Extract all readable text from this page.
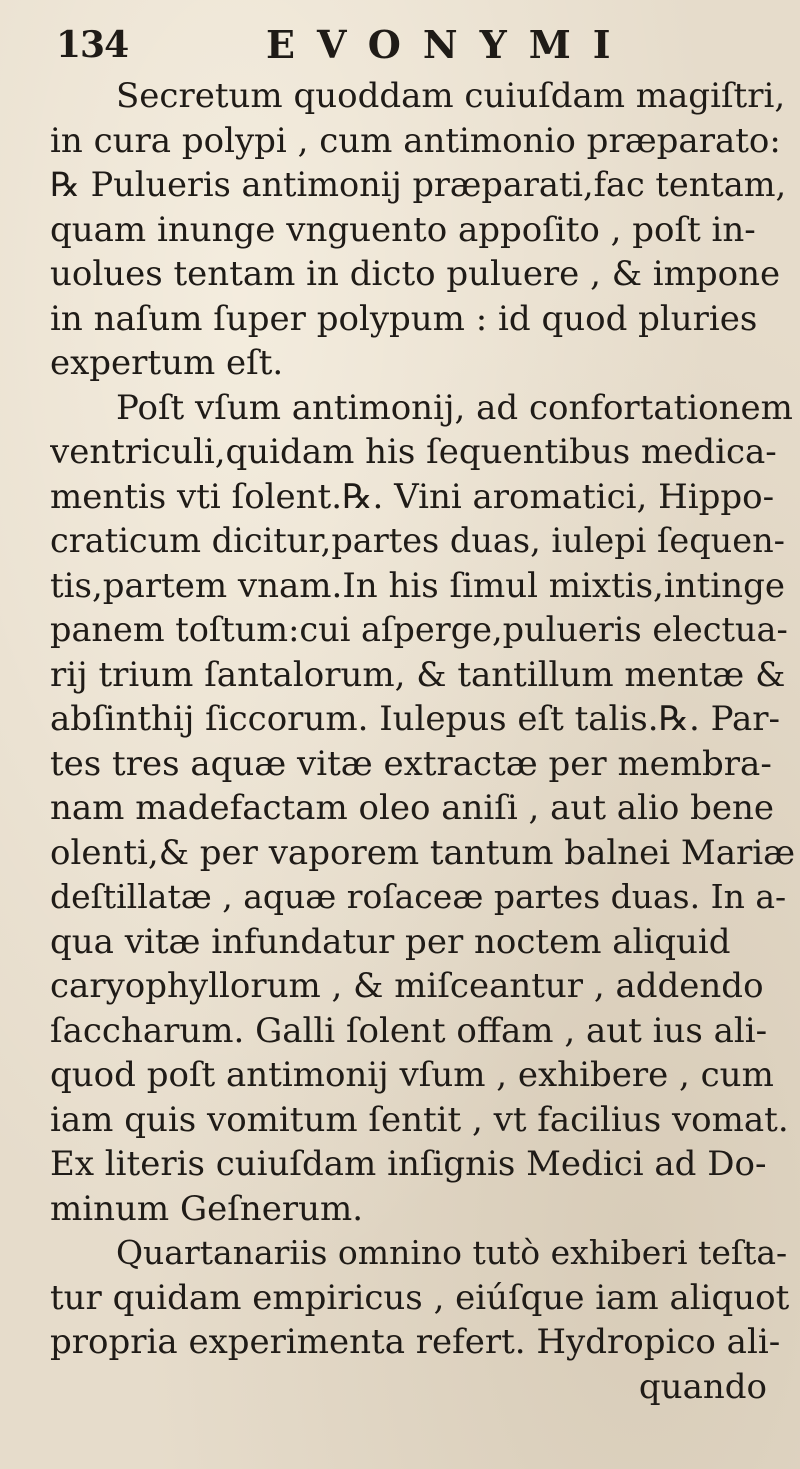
134	EVONYMI
Secretum quoddam cuiuſdam magiſtri,
in cura polypi , cum antimonio præparato:
℞ Pulueris antimonij præparati,fac tentam,
quam inunge vnguento appoſito , poſt in-
uolues tentam in dicto puluere , & impone
in naſum ſuper polypum : id quod pluries
expertum eſt.
Poſt vſum antimonij, ad confortationem
ventriculi,quidam his ſequentibus medica-
mentis vti ſolent.℞. Vini aromatici, Hippo-
craticum dicitur,partes duas, iulepi ſequen-
tis,partem vnam.In his ſimul mixtis,intinge
panem toſtum:cui aſperge,pulueris electua-
rij trium ſantalorum, & tantillum mentæ &
abſinthij ſiccorum. Iulepus eſt talis.℞. Par-
tes tres aquæ vitæ extractæ per membra-
nam madefactam oleo aniſi , aut alio bene
olenti,& per vaporem tantum balnei Mariæ
deſtillatæ , aquæ roſaceæ partes duas. In a-
qua vitæ infundatur per noctem aliquid
caryophyllorum , & miſceantur , addendo
ſaccharum. Galli ſolent offam , aut ius ali-
quod poſt antimonij vſum , exhibere , cum
iam quis vomitum ſentit , vt facilius vomat.
Ex literis cuiuſdam inſignis Medici ad Do-
minum Geſnerum.
Quartanariis omnino tutò exhiberi teſta-
tur quidam empiricus , eiúſque iam aliquot
propria experimenta refert. Hydropico ali-
quando
